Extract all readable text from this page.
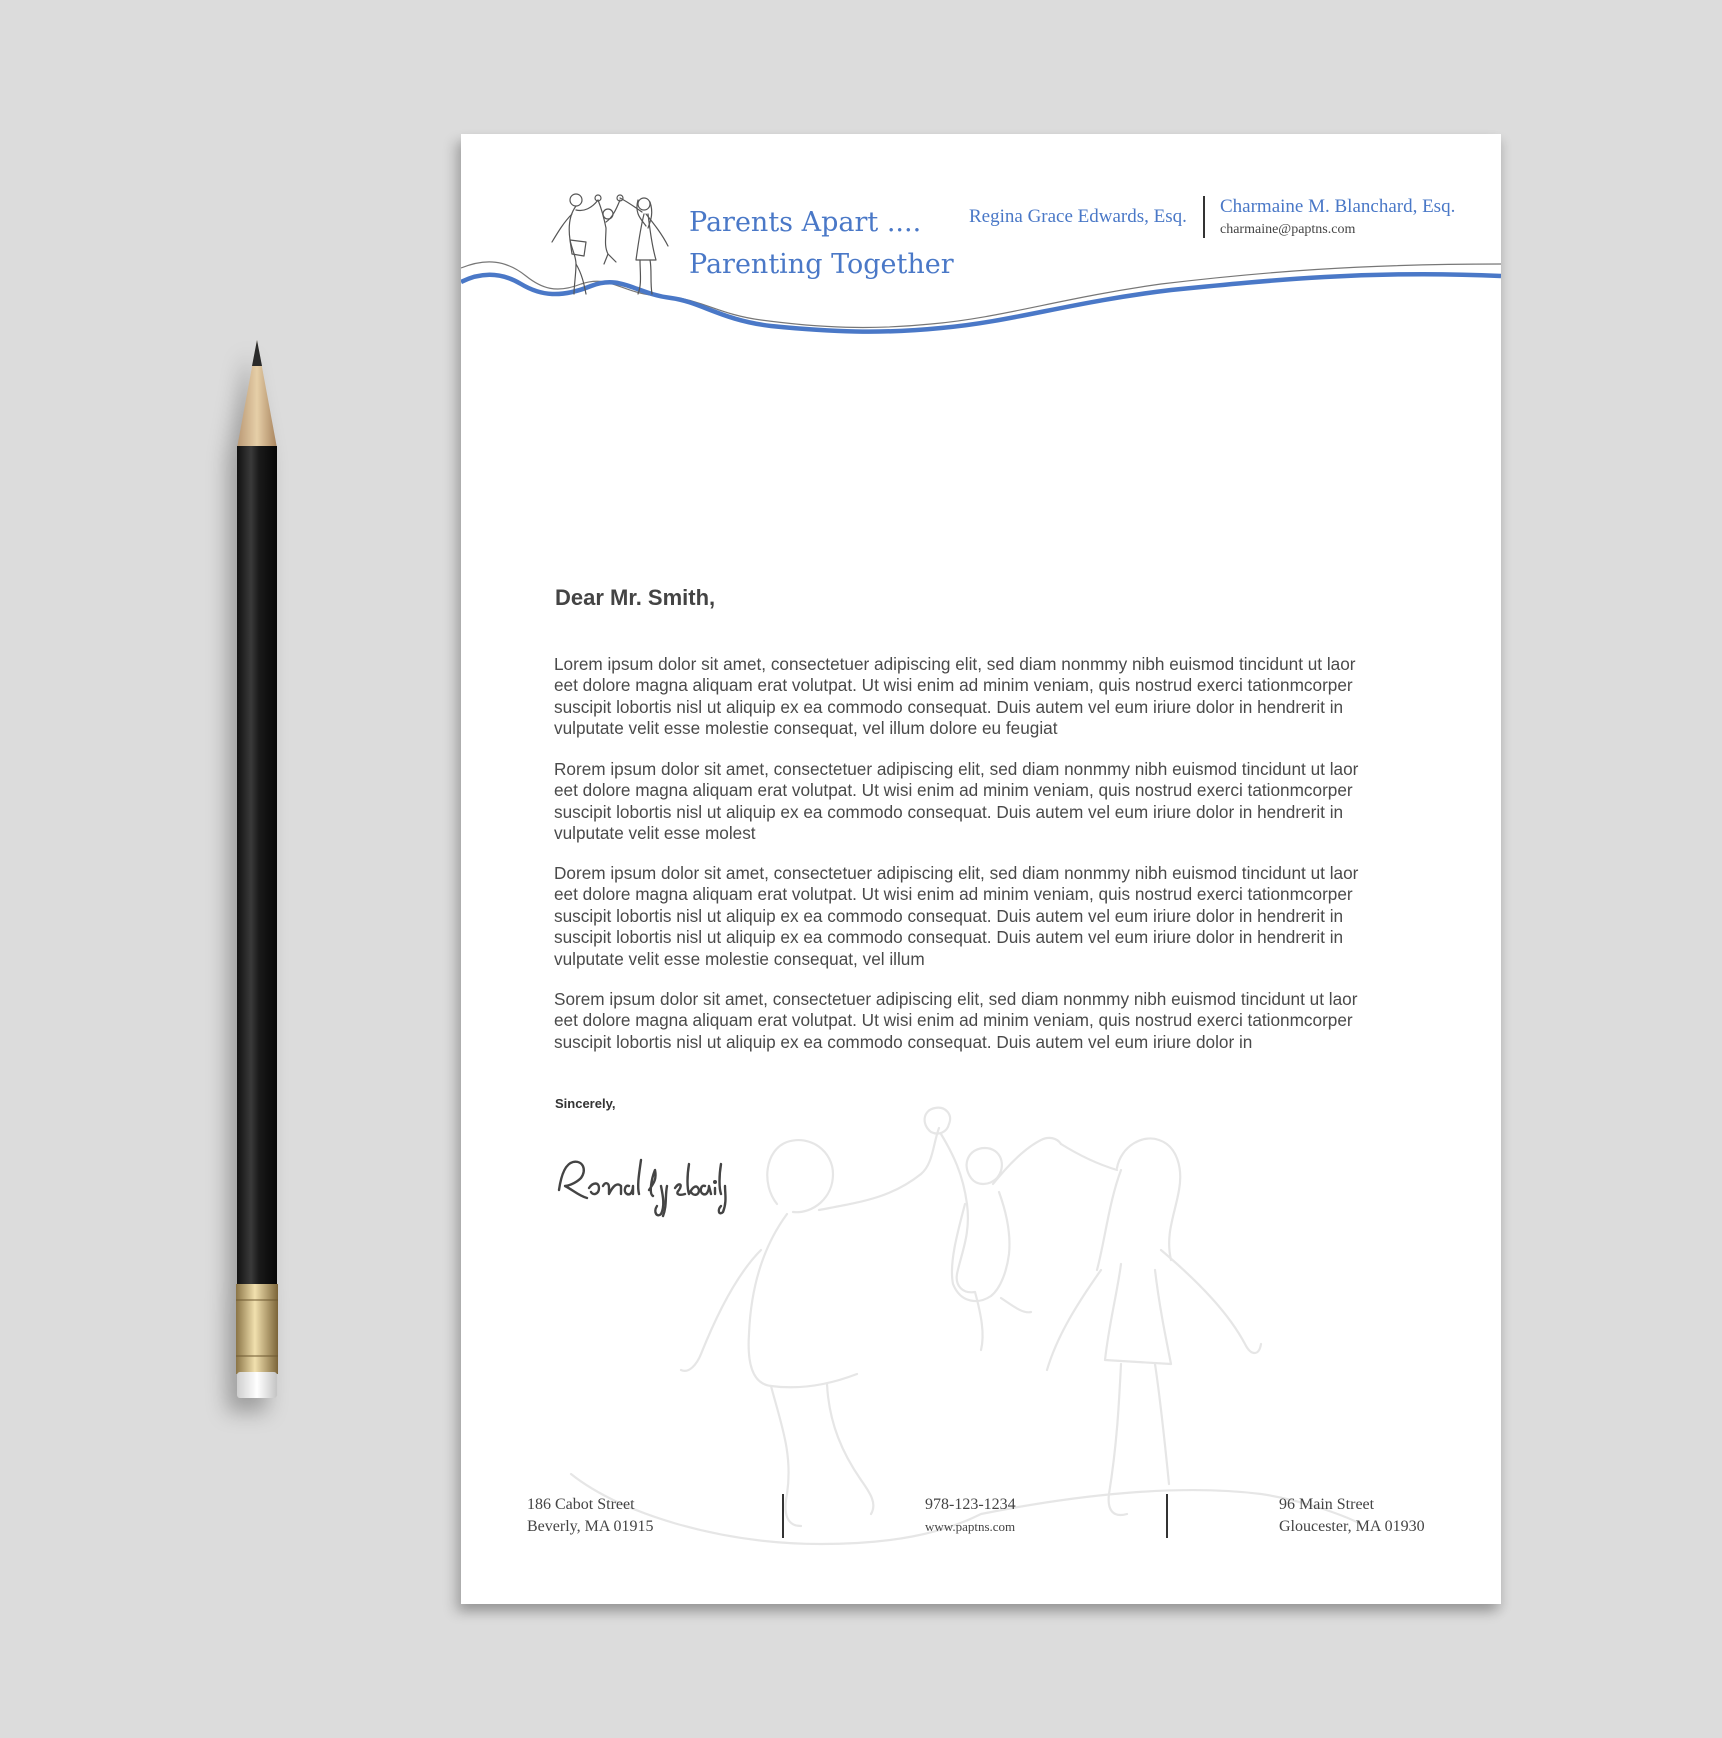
Parents Apart ....
Parenting Together
Regina Grace Edwards, Esq. Charmaine M. Blanchard, Esq.
charmaine@paptns.com
Dear Mr. Smith,
Lorem ipsum dolor sit amet, consectetuer adipiscing elit, sed diam nonmmy nibh euismod tincidunt ut laor
eet dolore magna aliquam erat volutpat. Ut wisi enim ad minim veniam, quis nostrud exerci tationmcorper
suscipit lobortis nisl ut aliquip ex ea commodo consequat. Duis autem vel eum iriure dolor in hendrerit in
vulputate velit esse molestie consequat, vel illum dolore eu feugiat
Rorem ipsum dolor sit amet, consectetuer adipiscing elit, sed diam nonmmy nibh euismod tincidunt ut laor
eet dolore magna aliquam erat volutpat. Ut wisi enim ad minim veniam, quis nostrud exerci tationmcorper
suscipit lobortis nisl ut aliquip ex ea commodo consequat. Duis autem vel eum iriure dolor in hendrerit in
vulputate velit esse molest
Dorem ipsum dolor sit amet, consectetuer adipiscing elit, sed diam nonmmy nibh euismod tincidunt ut laor
eet dolore magna aliquam erat volutpat. Ut wisi enim ad minim veniam, quis nostrud exerci tationmcorper
suscipit lobortis nisl ut aliquip ex ea commodo consequat. Duis autem vel eum iriure dolor in hendrerit in
suscipit lobortis nisl ut aliquip ex ea commodo consequat. Duis autem vel eum iriure dolor in hendrerit in
vulputate velit esse molestie consequat, vel illum
Sorem ipsum dolor sit amet, consectetuer adipiscing elit, sed diam nonmmy nibh euismod tincidunt ut laor
eet dolore magna aliquam erat volutpat. Ut wisi enim ad minim veniam, quis nostrud exerci tationmcorper
suscipit lobortis nisl ut aliquip ex ea commodo consequat. Duis autem vel eum iriure dolor in
Sincerely,
186 Cabot Street
Beverly, MA 01915
978-123-1234
www.paptns.com
96 Main Street
Gloucester, MA 01930
